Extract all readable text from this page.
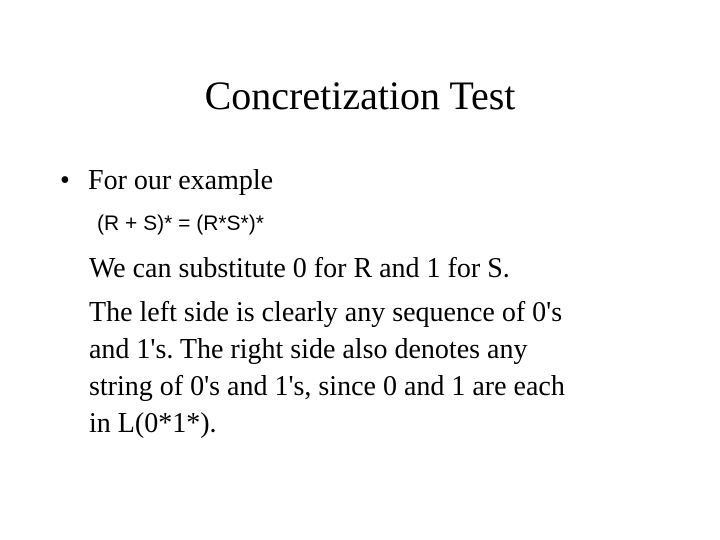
Concretization Test
• For our example
(R + S)* = (R*S*)*
We can substitute 0 for R and 1 for S.
The left side is clearly any sequence of 0's
and 1's. The right side also denotes any
string of 0's and 1's, since 0 and 1 are each
in L(0*1*).
